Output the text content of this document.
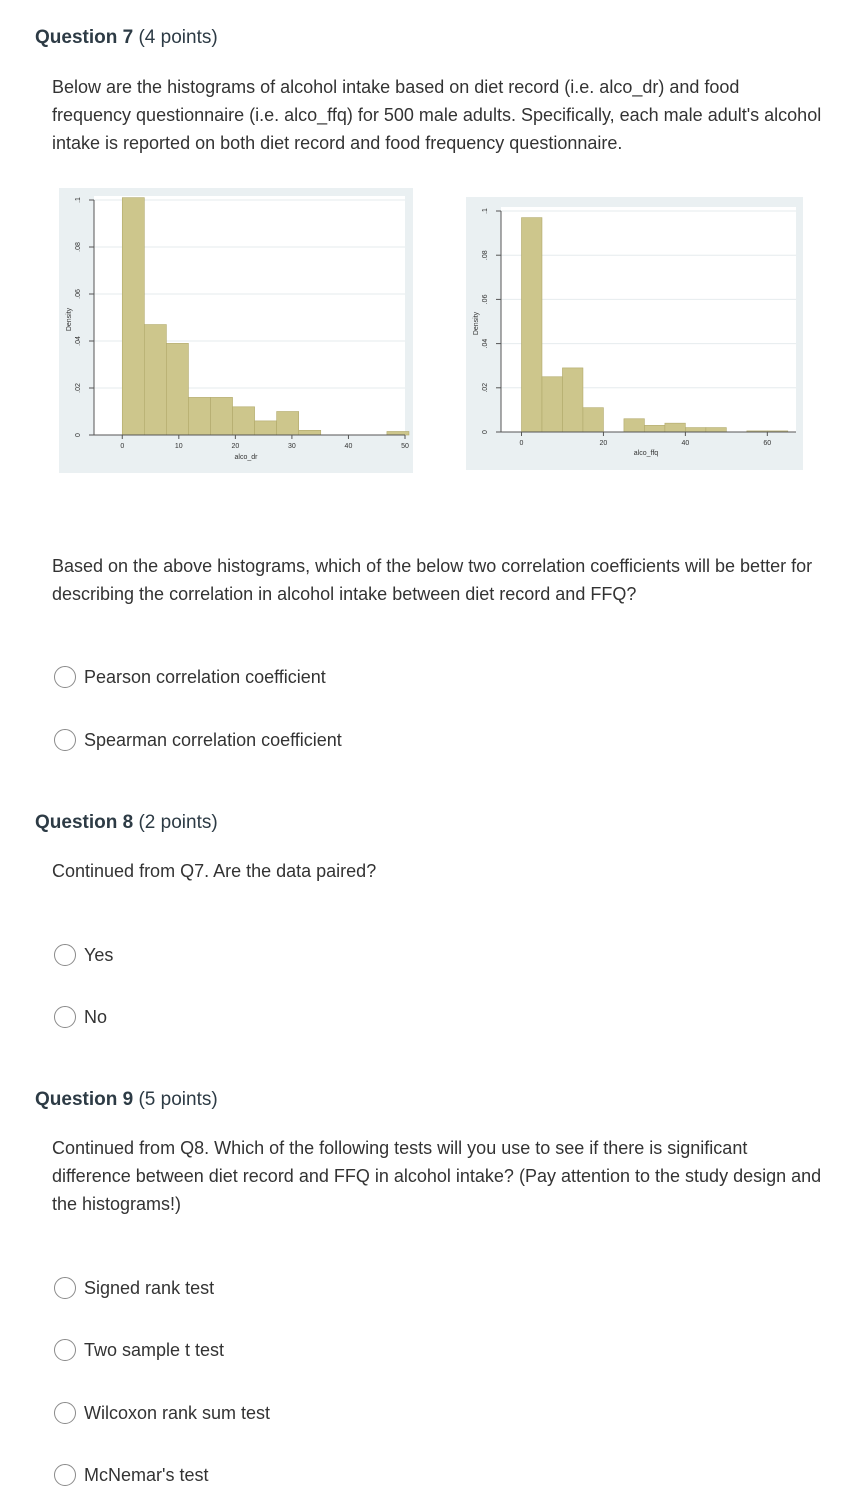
Question 7 (4 points)
Below are the histograms of alcohol intake based on diet record (i.e. alco_dr) and food frequency questionnaire (i.e. alco_ffq) for 500 male adults. Specifically, each male adult's alcohol intake is reported on both diet record and food frequency questionnaire.
0
.02
.04
.06
.08
.1
0	10	20	30	40	50
alco_dr
Density
0
.02
.04
.06
.08
.1
0	20	40	60
alco_ffq
Density
Based on the above histograms, which of the below two correlation coefficients will be better for describing the correlation in alcohol intake between diet record and FFQ?
Pearson correlation coefficient
Spearman correlation coefficient
Question 8 (2 points)
Continued from Q7. Are the data paired?
Yes
No
Question 9 (5 points)
Continued from Q8. Which of the following tests will you use to see if there is significant difference between diet record and FFQ in alcohol intake? (Pay attention to the study design and the histograms!)
Signed rank test
Two sample t test
Wilcoxon rank sum test
McNemar's test
